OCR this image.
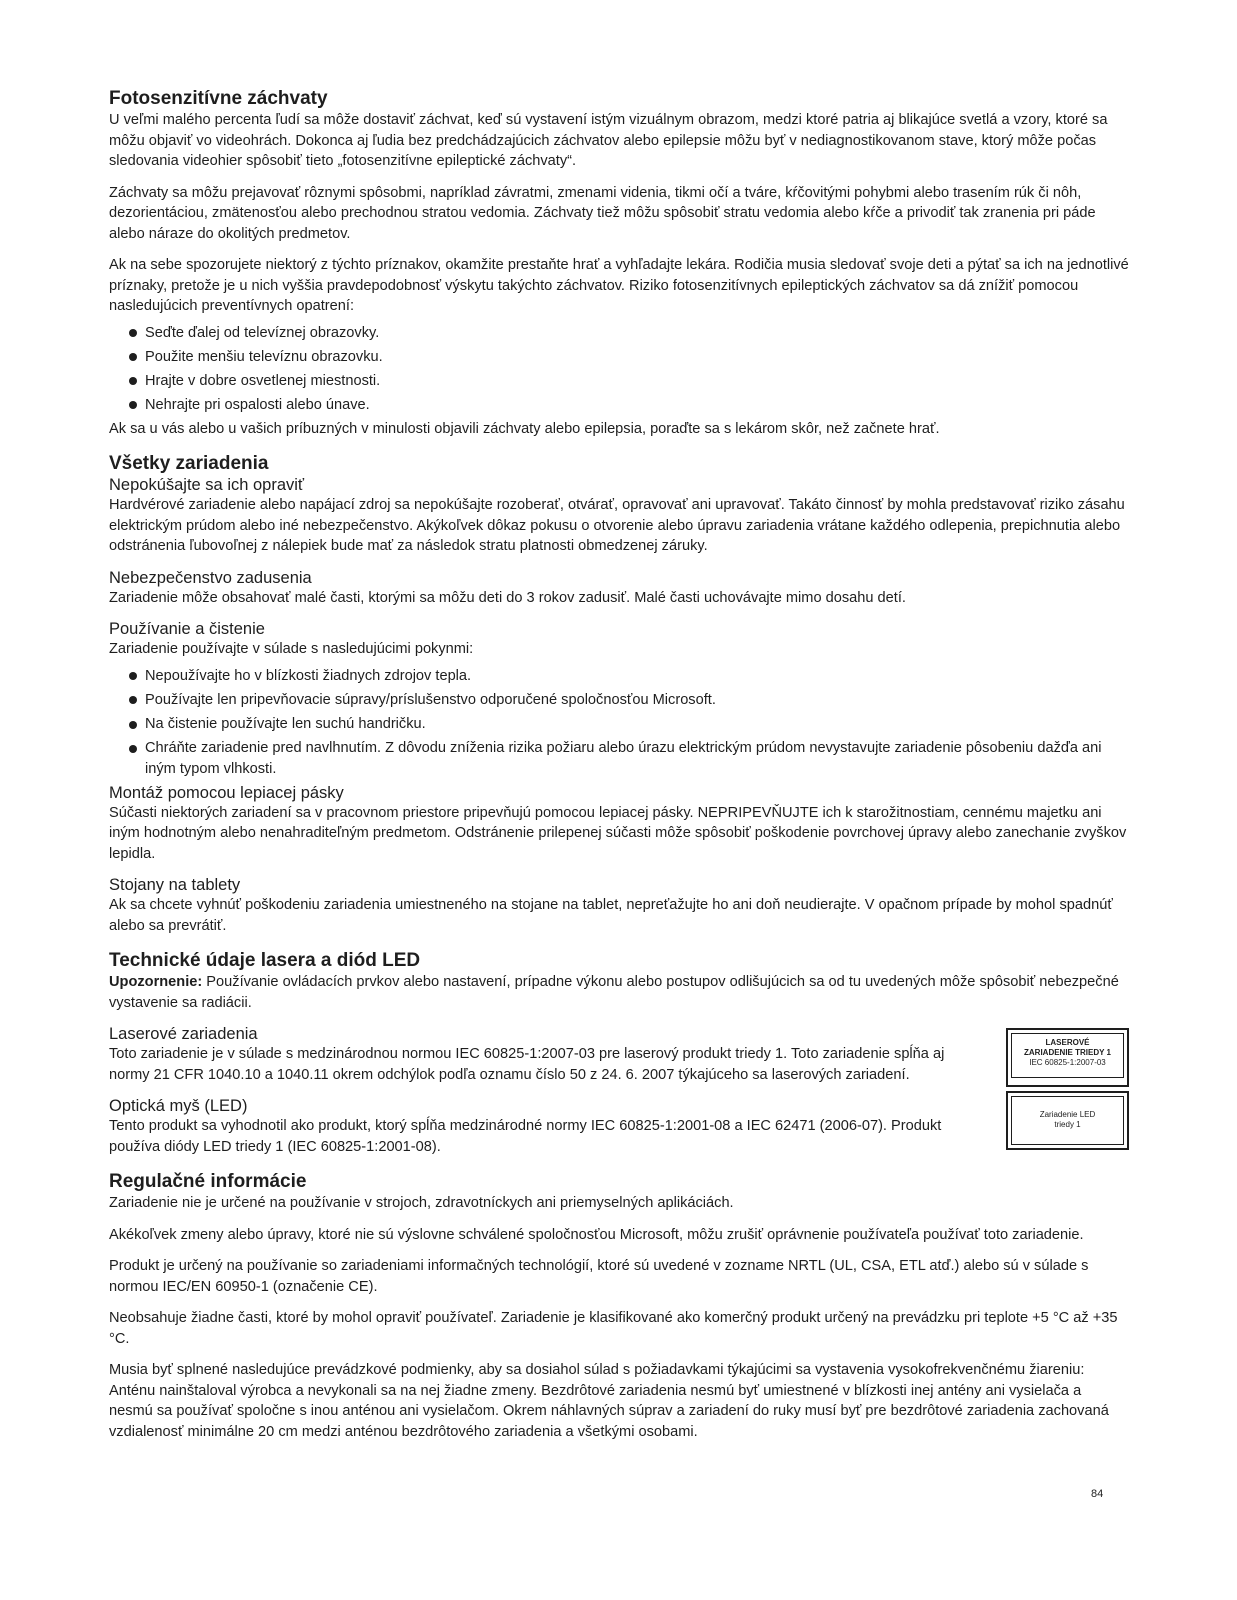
Fotosenzitívne záchvaty

U veľmi malého percenta ľudí sa môže dostaviť záchvat, keď sú vystavení istým vizuálnym obrazom, medzi ktoré patria aj blikajúce svetlá a vzory, ktoré sa môžu objaviť vo videohrách. Dokonca aj ľudia bez predchádzajúcich záchvatov alebo epilepsie môžu byť v nediagnostikovanom stave, ktorý môže počas sledovania videohier spôsobiť tieto „fotosenzitívne epileptické záchvaty“.

Záchvaty sa môžu prejavovať rôznymi spôsobmi, napríklad závratmi, zmenami videnia, tikmi očí a tváre, kŕčovitými pohybmi alebo trasením rúk či nôh, dezorientáciou, zmätenosťou alebo prechodnou stratou vedomia. Záchvaty tiež môžu spôsobiť stratu vedomia alebo kŕče a privodiť tak zranenia pri páde alebo náraze do okolitých predmetov.

Ak na sebe spozorujete niektorý z týchto príznakov, okamžite prestaňte hrať a vyhľadajte lekára. Rodičia musia sledovať svoje deti a pýtať sa ich na jednotlivé príznaky, pretože je u nich vyššia pravdepodobnosť výskytu takýchto záchvatov. Riziko fotosenzitívnych epileptických záchvatov sa dá znížiť pomocou nasledujúcich preventívnych opatrení:

Seďte ďalej od televíznej obrazovky.
Použite menšiu televíznu obrazovku.
Hrajte v dobre osvetlenej miestnosti.
Nehrajte pri ospalosti alebo únave.

Ak sa u vás alebo u vašich príbuzných v minulosti objavili záchvaty alebo epilepsia, poraďte sa s lekárom skôr, než začnete hrať.

Všetky zariadenia
Nepokúšajte sa ich opraviť

Hardvérové zariadenie alebo napájací zdroj sa nepokúšajte rozoberať, otvárať, opravovať ani upravovať. Takáto činnosť by mohla predstavovať riziko zásahu elektrickým prúdom alebo iné nebezpečenstvo. Akýkoľvek dôkaz pokusu o otvorenie alebo úpravu zariadenia vrátane každého odlepenia, prepichnutia alebo odstránenia ľubovoľnej z nálepiek bude mať za následok stratu platnosti obmedzenej záruky.

Nebezpečenstvo zadusenia

Zariadenie môže obsahovať malé časti, ktorými sa môžu deti do 3 rokov zadusiť. Malé časti uchovávajte mimo dosahu detí.

Používanie a čistenie

Zariadenie používajte v súlade s nasledujúcimi pokynmi:

Nepoužívajte ho v blízkosti žiadnych zdrojov tepla.
Používajte len pripevňovacie súpravy/príslušenstvo odporučené spoločnosťou Microsoft.
Na čistenie používajte len suchú handričku.
Chráňte zariadenie pred navlhnutím. Z dôvodu zníženia rizika požiaru alebo úrazu elektrickým prúdom nevystavujte zariadenie pôsobeniu dažďa ani iným typom vlhkosti.
Montáž pomocou lepiacej pásky

Súčasti niektorých zariadení sa v pracovnom priestore pripevňujú pomocou lepiacej pásky. NEPRIPEVŇUJTE ich k starožitnostiam, cennému majetku ani iným hodnotným alebo nenahraditeľným predmetom. Odstránenie prilepenej súčasti môže spôsobiť poškodenie povrchovej úpravy alebo zanechanie zvyškov lepidla.

Stojany na tablety

Ak sa chcete vyhnúť poškodeniu zariadenia umiestneného na stojane na tablet, nepreťažujte ho ani doň neudierajte. V opačnom prípade by mohol spadnúť alebo sa prevrátiť.

Technické údaje lasera a diód LED

Upozornenie: Používanie ovládacích prvkov alebo nastavení, prípadne výkonu alebo postupov odlišujúcich sa od tu uvedených môže spôsobiť nebezpečné vystavenie sa radiácii.

Laserové zariadenia

Toto zariadenie je v súlade s medzinárodnou normou IEC 60825-1:2007-03 pre laserový produkt triedy 1. Toto zariadenie spĺňa aj normy 21 CFR 1040.10 a 1040.11 okrem odchýlok podľa oznamu číslo 50 z 24. 6. 2007 týkajúceho sa laserových zariadení.

LASEROVÉ
ZARIADENIE TRIEDY 1
IEC 60825-1:2007-03
Optická myš (LED)

Tento produkt sa vyhodnotil ako produkt, ktorý spĺňa medzinárodné normy IEC 60825-1:2001-08 a IEC 62471 (2006-07). Produkt používa diódy LED triedy 1 (IEC 60825-1:2001-08).

Zariadenie LED
triedy 1
Regulačné informácie

Zariadenie nie je určené na používanie v strojoch, zdravotníckych ani priemyselných aplikáciách.

Akékoľvek zmeny alebo úpravy, ktoré nie sú výslovne schválené spoločnosťou Microsoft, môžu zrušiť oprávnenie používateľa používať toto zariadenie.

Produkt je určený na používanie so zariadeniami informačných technológií, ktoré sú uvedené v zozname NRTL (UL, CSA, ETL atď.) alebo sú v súlade s normou IEC/EN 60950-1 (označenie CE).

Neobsahuje žiadne časti, ktoré by mohol opraviť používateľ. Zariadenie je klasifikované ako komerčný produkt určený na prevádzku pri teplote +5 °C až +35 °C.

Musia byť splnené nasledujúce prevádzkové podmienky, aby sa dosiahol súlad s požiadavkami týkajúcimi sa vystavenia vysokofrekvenčnému žiareniu: Anténu nainštaloval výrobca a nevykonali sa na nej žiadne zmeny. Bezdrôtové zariadenia nesmú byť umiestnené v blízkosti inej antény ani vysielača a nesmú sa používať spoločne s inou anténou ani vysielačom. Okrem náhlavných súprav a zariadení do ruky musí byť pre bezdrôtové zariadenia zachovaná vzdialenosť minimálne 20 cm medzi anténou bezdrôtového zariadenia a všetkými osobami.

84
